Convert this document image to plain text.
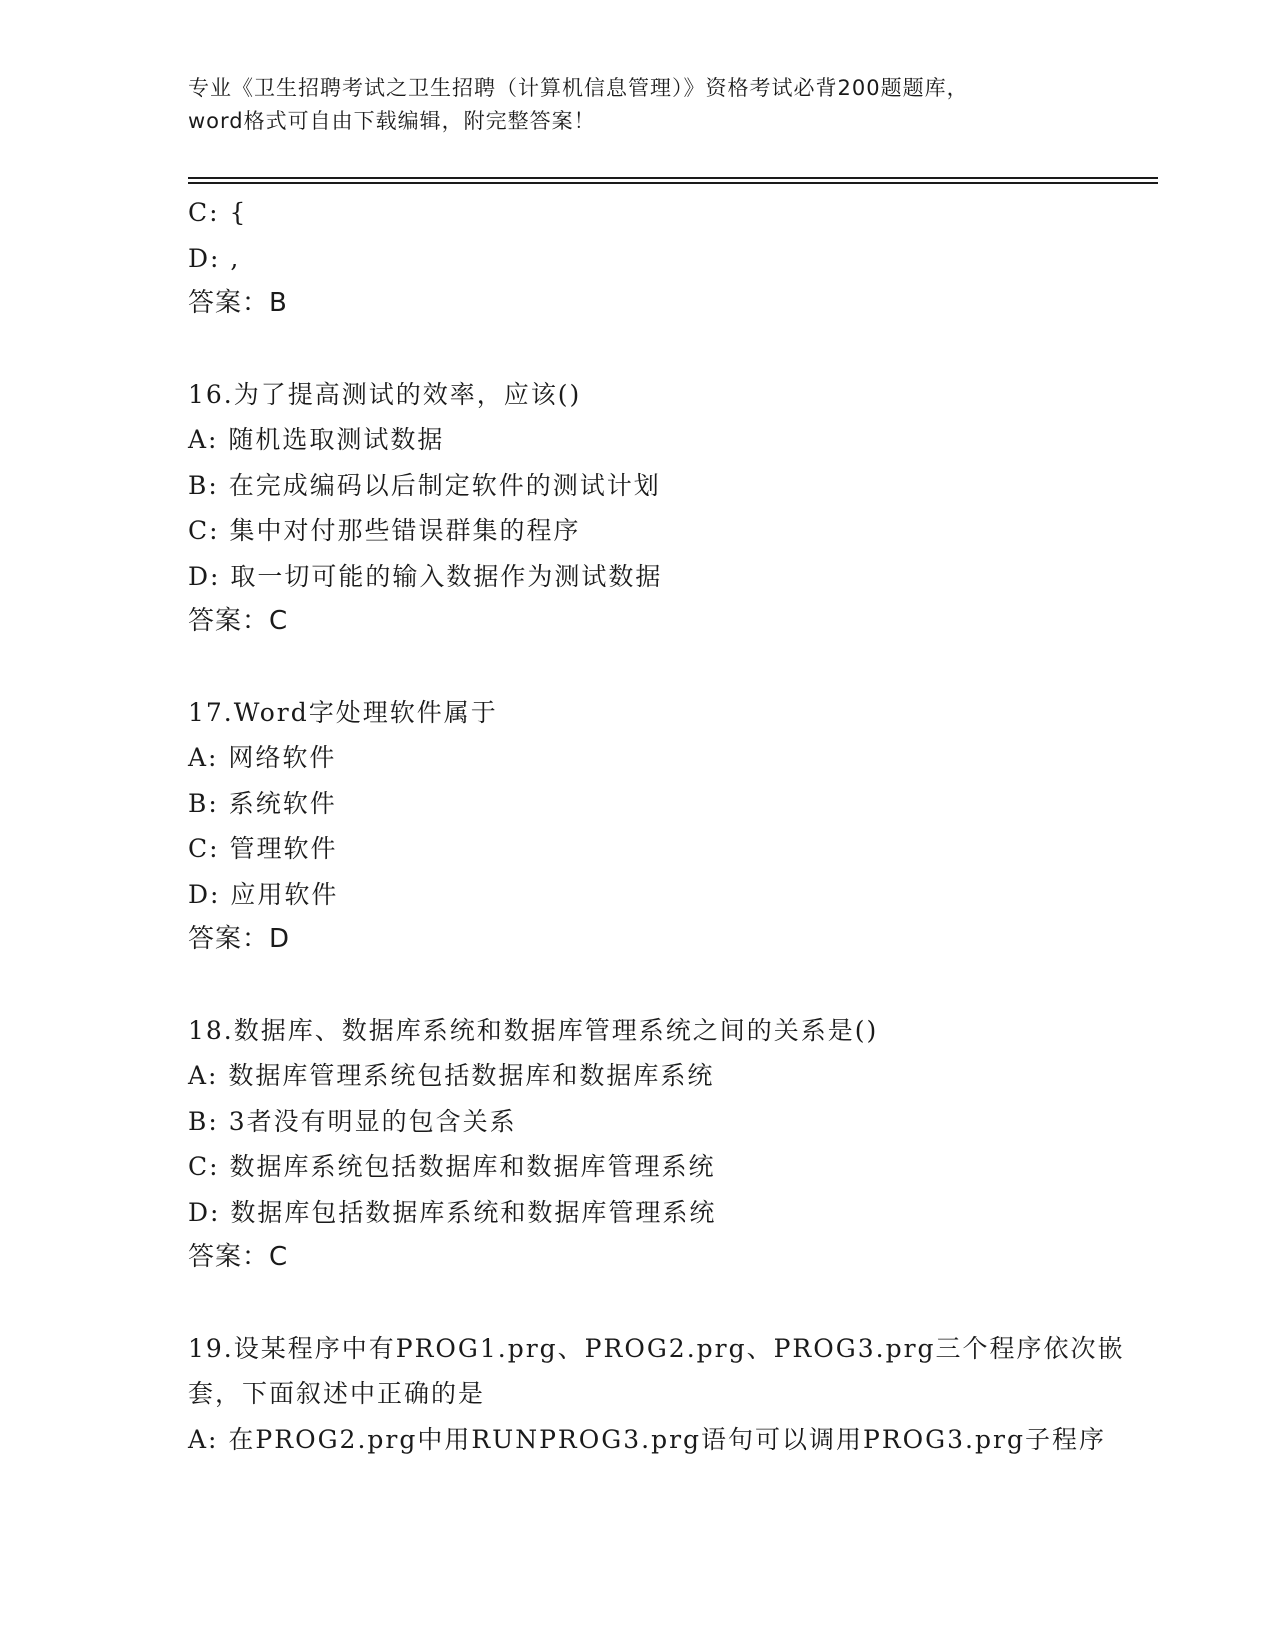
专业《卫生招聘考试之卫生招聘（计算机信息管理）》资格考试必背200题题库，
word格式可自由下载编辑，附完整答案！
C: {
D: ,
答案：B
16.为了提高测试的效率，应该()
A: 随机选取测试数据
B: 在完成编码以后制定软件的测试计划
C: 集中对付那些错误群集的程序
D: 取一切可能的输入数据作为测试数据
答案：C
17.Word字处理软件属于
A: 网络软件
B: 系统软件
C: 管理软件
D: 应用软件
答案：D
18.数据库、数据库系统和数据库管理系统之间的关系是()
A: 数据库管理系统包括数据库和数据库系统
B: 3者没有明显的包含关系
C: 数据库系统包括数据库和数据库管理系统
D: 数据库包括数据库系统和数据库管理系统
答案：C
19.设某程序中有PROG1.prg、PROG2.prg、PROG3.prg三个程序依次嵌
套，下面叙述中正确的是
A: 在PROG2.prg中用RUNPROG3.prg语句可以调用PROG3.prg子程序
